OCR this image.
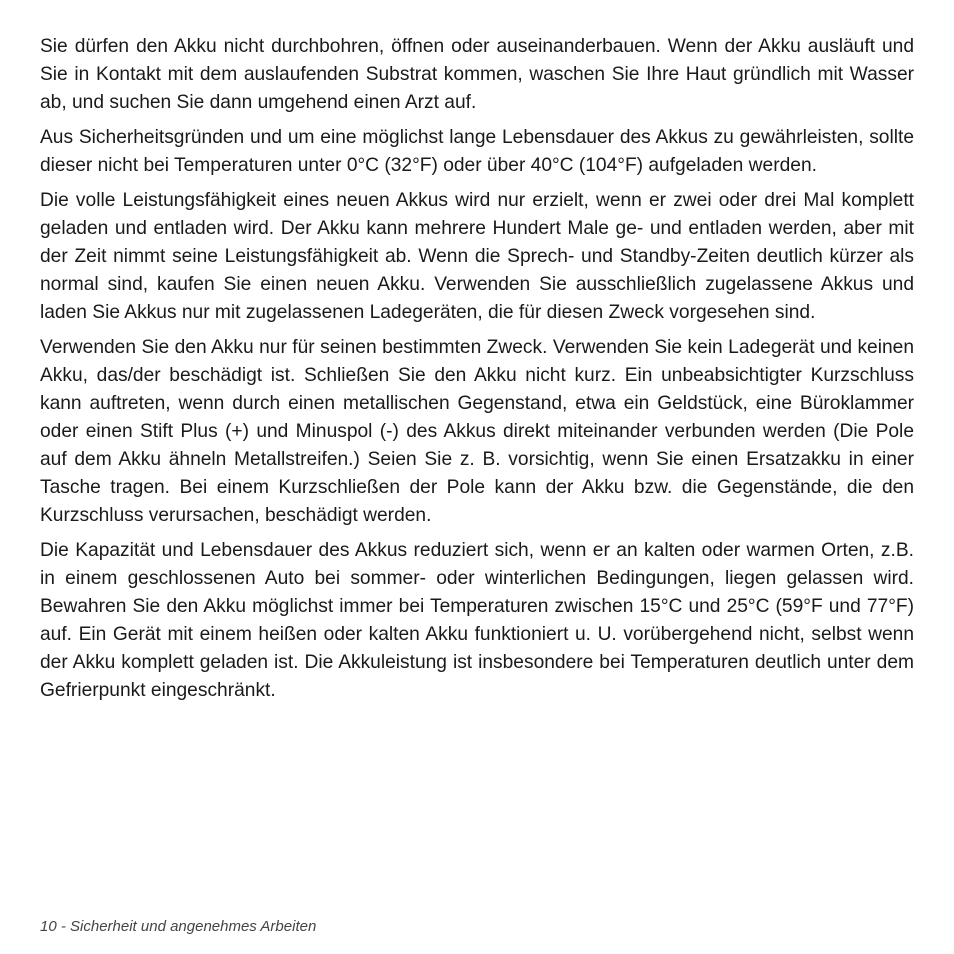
Sie dürfen den Akku nicht durchbohren, öffnen oder auseinanderbauen. Wenn der Akku ausläuft und Sie in Kontakt mit dem auslaufenden Substrat kommen, waschen Sie Ihre Haut gründlich mit Wasser ab, und suchen Sie dann umgehend einen Arzt auf.

Aus Sicherheitsgründen und um eine möglichst lange Lebensdauer des Akkus zu gewährleisten, sollte dieser nicht bei Temperaturen unter 0°C (32°F) oder über 40°C (104°F) aufgeladen werden.

Die volle Leistungsfähigkeit eines neuen Akkus wird nur erzielt, wenn er zwei oder drei Mal komplett geladen und entladen wird. Der Akku kann mehrere Hundert Male ge- und entladen werden, aber mit der Zeit nimmt seine Leistungsfähigkeit ab. Wenn die Sprech- und Standby-Zeiten deutlich kürzer als normal sind, kaufen Sie einen neuen Akku. Verwenden Sie ausschließlich zugelassene Akkus und laden Sie Akkus nur mit zugelassenen Ladegeräten, die für diesen Zweck vorgesehen sind.

Verwenden Sie den Akku nur für seinen bestimmten Zweck. Verwenden Sie kein Ladegerät und keinen Akku, das/der beschädigt ist. Schließen Sie den Akku nicht kurz. Ein unbeabsichtigter Kurzschluss kann auftreten, wenn durch einen metallischen Gegenstand, etwa ein Geldstück, eine Büroklammer oder einen Stift Plus (+) und Minuspol (-) des Akkus direkt miteinander verbunden werden (Die Pole auf dem Akku ähneln Metallstreifen.) Seien Sie z. B. vorsichtig, wenn Sie einen Ersatzakku in einer Tasche tragen. Bei einem Kurzschließen der Pole kann der Akku bzw. die Gegenstände, die den Kurzschluss verursachen, beschädigt werden.

Die Kapazität und Lebensdauer des Akkus reduziert sich, wenn er an kalten oder warmen Orten, z.B. in einem geschlossenen Auto bei sommer- oder winterlichen Bedingungen, liegen gelassen wird. Bewahren Sie den Akku möglichst immer bei Temperaturen zwischen 15°C und 25°C (59°F und 77°F) auf. Ein Gerät mit einem heißen oder kalten Akku funktioniert u. U. vorübergehend nicht, selbst wenn der Akku komplett geladen ist. Die Akkuleistung ist insbesondere bei Temperaturen deutlich unter dem Gefrierpunkt eingeschränkt.

10 - Sicherheit und angenehmes Arbeiten
